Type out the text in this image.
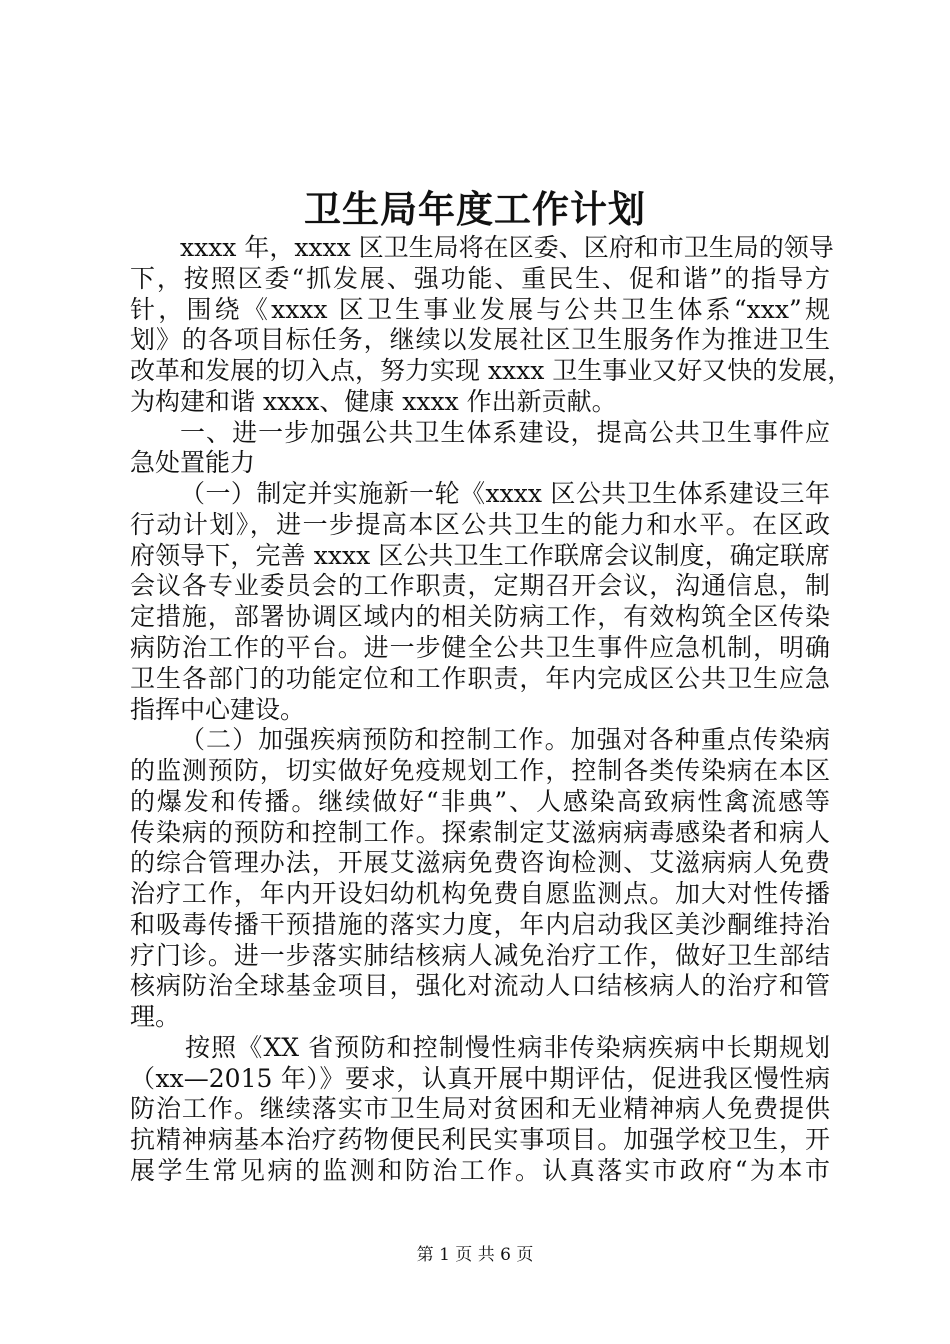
卫生局年度工作计划
xxxx 年，xxxx 区卫生局将在区委、区府和市卫生局的领导
下，按照区委“抓发展、强功能、重民生、促和谐”的指导方
针，围绕《xxxx 区卫生事业发展与公共卫生体系“xxx”规
划》的各项目标任务，继续以发展社区卫生服务作为推进卫生
改革和发展的切入点，努力实现 xxxx 卫生事业又好又快的发展，
为构建和谐 xxxx、健康 xxxx 作出新贡献。
一、进一步加强公共卫生体系建设，提高公共卫生事件应
急处置能力
（一）制定并实施新一轮《xxxx 区公共卫生体系建设三年
行动计划》，进一步提高本区公共卫生的能力和水平。在区政
府领导下，完善 xxxx 区公共卫生工作联席会议制度，确定联席
会议各专业委员会的工作职责，定期召开会议，沟通信息，制
定措施，部署协调区域内的相关防病工作，有效构筑全区传染
病防治工作的平台。进一步健全公共卫生事件应急机制，明确
卫生各部门的功能定位和工作职责，年内完成区公共卫生应急
指挥中心建设。
（二）加强疾病预防和控制工作。加强对各种重点传染病
的监测预防，切实做好免疫规划工作，控制各类传染病在本区
的爆发和传播。继续做好“非典”、人感染高致病性禽流感等
传染病的预防和控制工作。探索制定艾滋病病毒感染者和病人
的综合管理办法，开展艾滋病免费咨询检测、艾滋病病人免费
治疗工作，年内开设妇幼机构免费自愿监测点。加大对性传播
和吸毒传播干预措施的落实力度，年内启动我区美沙酮维持治
疗门诊。进一步落实肺结核病人减免治疗工作，做好卫生部结
核病防治全球基金项目，强化对流动人口结核病人的治疗和管
理。
按照《XX 省预防和控制慢性病非传染病疾病中长期规划
（xx—2015 年）》要求，认真开展中期评估，促进我区慢性病
防治工作。继续落实市卫生局对贫困和无业精神病人免费提供
抗精神病基本治疗药物便民利民实事项目。加强学校卫生，开
展学生常见病的监测和防治工作。认真落实市政府“为本市
第 1 页 共 6 页
